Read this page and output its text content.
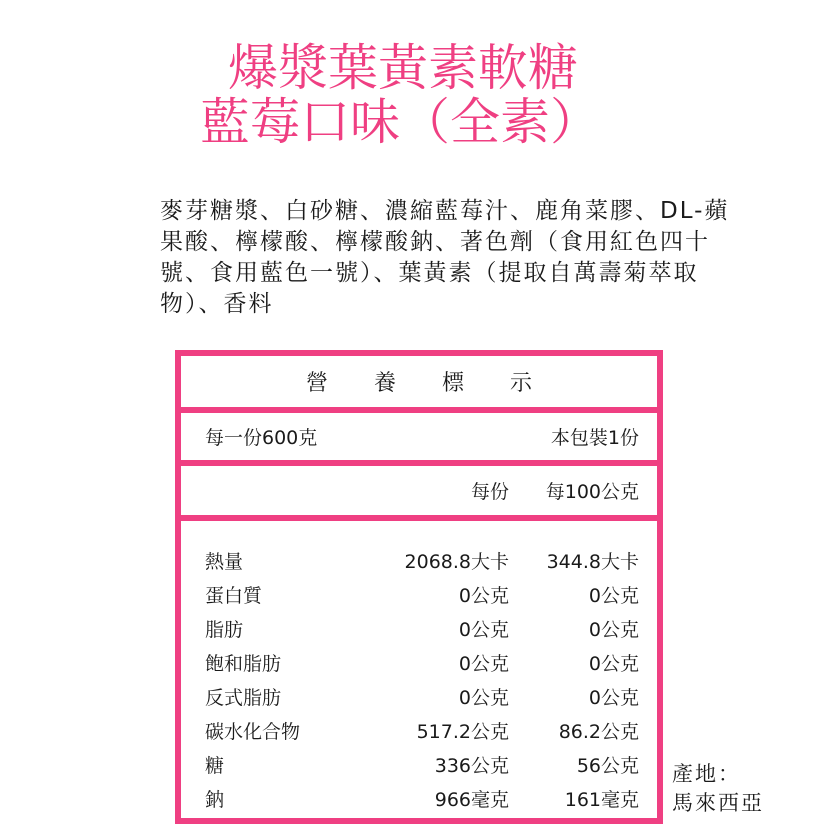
爆漿葉黃素軟糖
藍莓口味（全素）
麥芽糖漿、白砂糖、濃縮藍莓汁、鹿角菜膠、DL-蘋果酸、檸檬酸、檸檬酸鈉、著色劑（食用紅色四十號、食用藍色一號）、葉黃素（提取自萬壽菊萃取物）、香料
營養標示
每一份600克	本包裝1份
每份	每100公克
熱量	2068.8大卡	344.8大卡
蛋白質	0公克	0公克
脂肪	0公克	0公克
飽和脂肪	0公克	0公克
反式脂肪	0公克	0公克
碳水化合物	517.2公克	86.2公克
糖	336公克	56公克
鈉	966毫克	161毫克
產地：
馬來西亞
